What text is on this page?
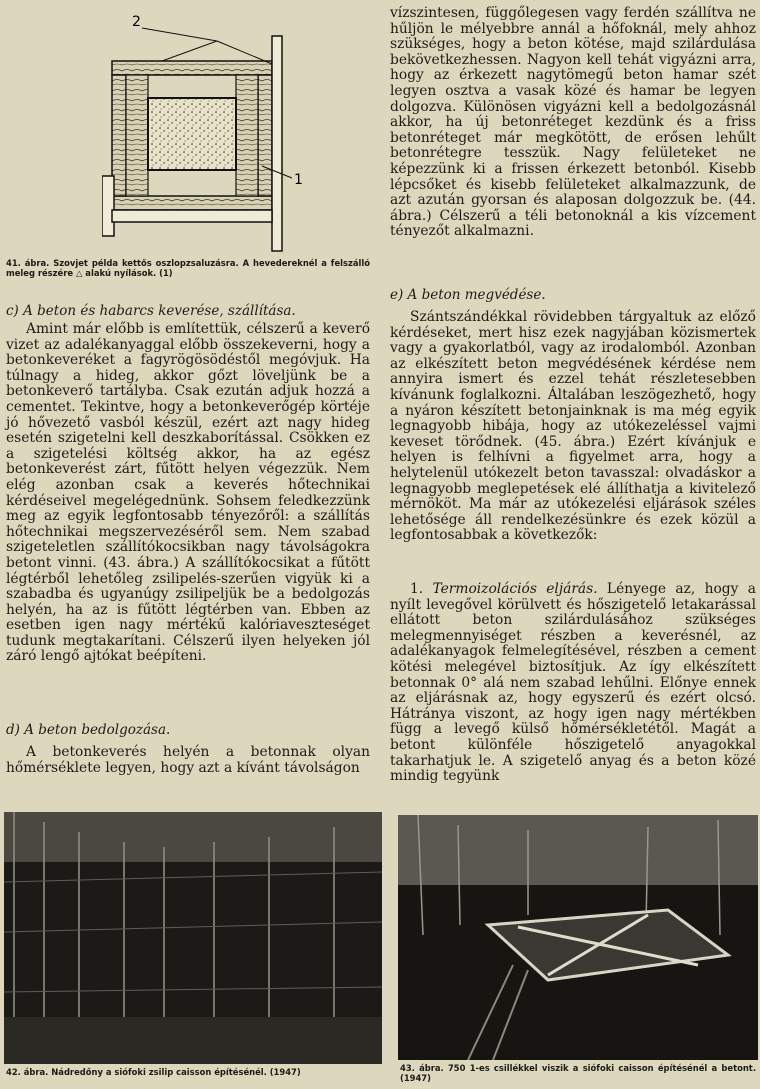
2
1
41. ábra. Szovjet példa kettős oszlopzsaluzásra. A hevedereknél a felszálló meleg részére △ alakú nyílások. (1)
c) A beton és habarcs keverése, szállítása.

Amint már előbb is említettük, célszerű a keverő vizet az adalékanyaggal előbb összekeverni, hogy a betonkeveréket a fagyrögösödéstől megóvjuk. Ha túlnagy a hideg, akkor gőzt löveljünk be a betonkeverő tartályba. Csak ezután adjuk hozzá a cementet. Tekintve, hogy a betonkeverőgép körtéje jó hővezető vasból készül, ezért azt nagy hideg esetén szigetelni kell deszkaborítással. Csökken ez a szigetelési költség akkor, ha az egész betonkeverést zárt, fűtött helyen végezzük. Nem elég azonban csak a keverés hőtechnikai kérdéseivel megelégednünk. Sohsem feledkezzünk meg az egyik legfontosabb tényezőről: a szállítás hőtechnikai megszervezéséről sem. Nem szabad szigeteletlen szállítókocsikban nagy távolságokra betont vinni. (43. ábra.) A szállítókocsikat a fűtött légtérből lehetőleg zsilipelés-szerűen vigyük ki a szabadba és ugyanúgy zsilipeljük be a bedolgozás helyén, ha az is fűtött légtérben van. Ebben az esetben igen nagy mértékű kalóriaveszteséget tudunk megtakarítani. Célszerű ilyen helyeken jól záró lengő ajtókat beépíteni.

d) A beton bedolgozása.

A betonkeverés helyén a betonnak olyan hőmérséklete legyen, hogy azt a kívánt távolságon

42. ábra. Nádredőny a siófoki zsilip caisson építésénél. (1947)

vízszintesen, függőlegesen vagy ferdén szállítva ne hűljön le mélyebbre annál a hőfoknál, mely ahhoz szükséges, hogy a beton kötése, majd szilárdulása bekövetkezhessen. Nagyon kell tehát vigyázni arra, hogy az érkezett nagytömegű beton hamar szét legyen osztva a vasak közé és hamar be legyen dolgozva. Különösen vigyázni kell a bedolgozásnál akkor, ha új betonréteget kezdünk és a friss betonréteget már megkötött, de erősen lehűlt betonrétegre tesszük. Nagy felületeket ne képezzünk ki a frissen érkezett betonból. Kisebb lépcsőket és kisebb felületeket alkalmazzunk, de azt azután gyorsan és alaposan dolgozzuk be. (44. ábra.) Célszerű a téli betonoknál a kis vízcement tényezőt alkalmazni.

e) A beton megvédése.

Szántszándékkal rövidebben tárgyaltuk az előző kérdéseket, mert hisz ezek nagyjában közismertek vagy a gyakorlatból, vagy az irodalomból. Azonban az elkészített beton megvédésének kérdése nem annyira ismert és ezzel tehát részletesebben kívánunk foglalkozni. Általában leszögezhető, hogy a nyáron készített betonjainknak is ma még egyik legnagyobb hibája, hogy az utókezeléssel vajmi keveset törődnek. (45. ábra.) Ezért kívánjuk e helyen is felhívni a figyelmet arra, hogy a helytelenül utókezelt beton tavasszal: olvadáskor a legnagyobb meglepetések elé állíthatja a kivitelező mérnököt. Ma már az utókezelési eljárások széles lehetősége áll rendelkezésünkre és ezek közül a legfontosabbak a következők:

1. Termoizolációs eljárás. Lényege az, hogy a nyílt levegővel körülvett és hőszigetelő letakarással ellátott beton szilárdulásához szükséges melegmennyiséget részben a keverésnél, az adalékanyagok felmelegítésével, részben a cement kötési melegével biztosítjuk. Az így elkészített betonnak 0° alá nem szabad lehűlni. Előnye ennek az eljárásnak az, hogy egyszerű és ezért olcsó. Hátránya viszont, az hogy igen nagy mértékben függ a levegő külső hőmérsékletétől. Magát a betont különféle hőszigetelő anyagokkal takarhatjuk le. A szigetelő anyag és a beton közé mindig tegyünk

43. ábra. 750 1-es csillékkel viszik a siófoki caisson építésénél a betont. (1947)
